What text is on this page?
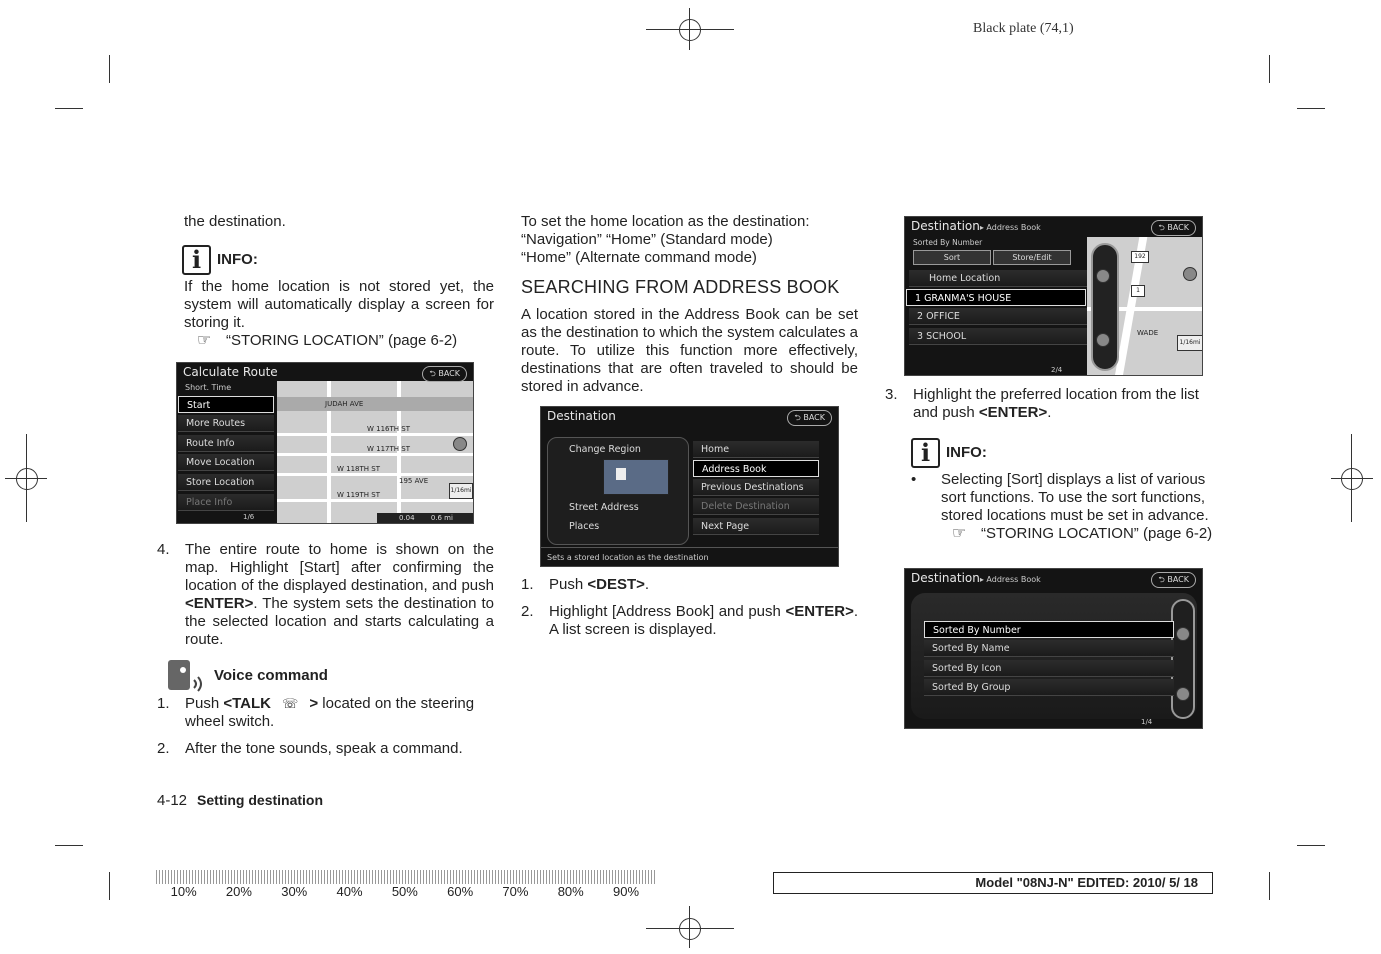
Black plate (74,1)

the destination.

i	INFO:

If the home location is not stored yet, the system will automatically display a screen for storing it.

☞ “STORING LOCATION” (page 6-2)
JUDAH AVE
W 116TH ST
W 117TH ST
W 118TH ST
W 119TH ST
195 AVE
1/16mi
Calculate Route	⮌ BACK
Short. Time
Start
More Routes
Route Info
Move Location
Store Location
Place Info
1/6	0.04 0.6 mi
4.	The entire route to home is shown on the map. Highlight [Start] after confirming the location of the displayed destination, and push <ENTER>. The system sets the destination to the selected location and starts calculating a route.
Voice command
1.	Push <TALK ☏ > located on the steering wheel switch.
2.	After the tone sounds, speak a command.

To set the home location as the destination:

“Navigation” “Home” (Standard mode)

“Home” (Alternate command mode)

SEARCHING FROM ADDRESS BOOK

A location stored in the Address Book can be set as the destination to which the system calculates a route. To utilize this function more effectively, destinations that are often traveled to should be stored in advance.

Destination	⮌ BACK
Change Region
Street Address
Places
Home
Address Book
Previous Destinations
Delete Destination
Next Page
Sets a stored location as the destination
1.	Push <DEST>.
2.	Highlight [Address Book] and push <ENTER>. A list screen is displayed.
192
1
WADE
1/16mi
Destination▸ Address Book	⮌ BACK
Sorted By Number
Sort	Store/Edit
Home Location
1 GRANMA'S HOUSE
2 OFFICE
3 SCHOOL
2/4
3.	Highlight the preferred location from the list and push <ENTER>.
i	INFO:
•	Selecting [Sort] displays a list of various sort functions. To use the sort functions, stored locations must be set in advance.
☞ “STORING LOCATION” (page 6-2)
Destination▸ Address Book	⮌ BACK
Sorted By Number
Sorted By Name
Sorted By Icon
Sorted By Group
1/4
4-12 Setting destination
10%	20%	30%	40%	50%	60%	70%	80%	90%
Model "08NJ-N" EDITED: 2010/ 5/ 18
